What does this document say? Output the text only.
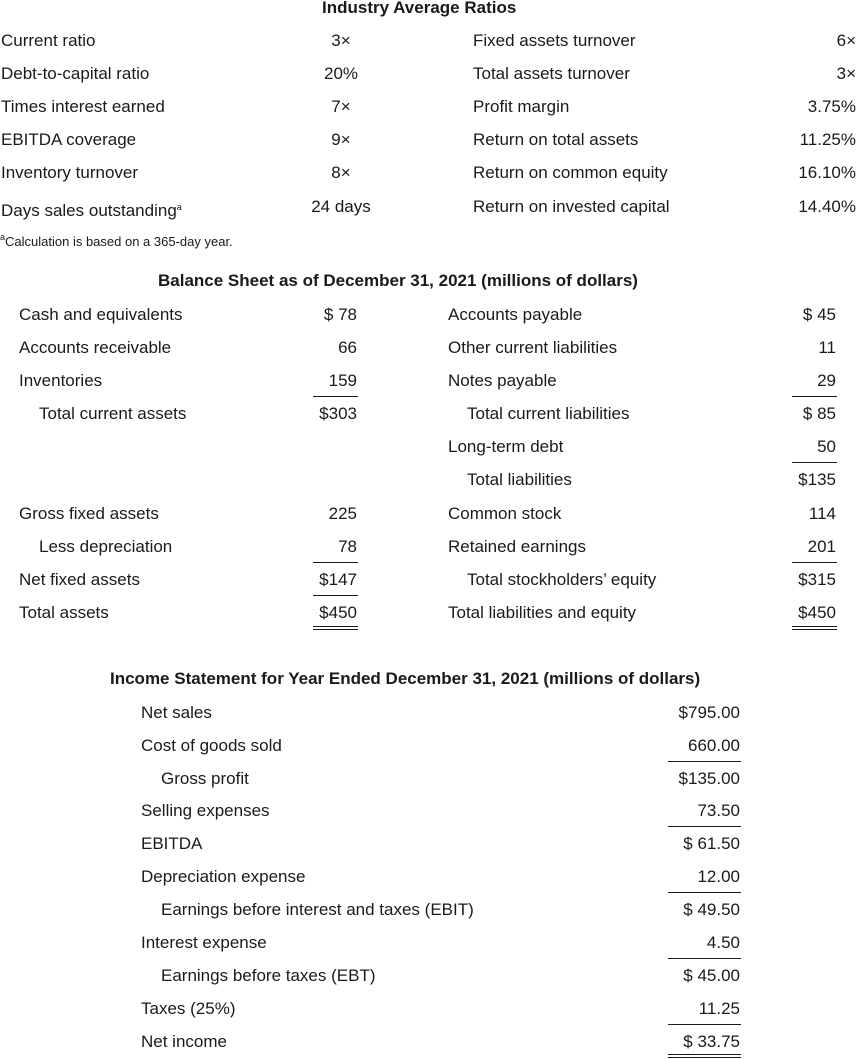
Industry Average Ratios
Current ratio
Debt-to-capital ratio
Times interest earned
EBITDA coverage
Inventory turnover
Days sales outstanding$^a$
3×
20%
7×
9×
8×
24 days
Fixed assets turnover
Total assets turnover
Profit margin
Return on total assets
Return on common equity
Return on invested capital
6×
3×
3.75%
11.25%
16.10%
14.40%
$^a$Calculation is based on a 365-day year.
Balance Sheet as of December 31, 2021 (millions of dollars)
Cash and equivalents
Accounts receivable
Inventories
Total current assets
Gross fixed assets
Less depreciation
Net fixed assets
Total assets
$ 78
66
159
$303
225
78
$147
$450
Accounts payable
Other current liabilities
Notes payable
Total current liabilities
Long-term debt
Total liabilities
Common stock
Retained earnings
Total stockholders’ equity
Total liabilities and equity
$ 45
11
29
$ 85
50
$135
114
201
$315
$450
Income Statement for Year Ended December 31, 2021 (millions of dollars)
Net sales
Cost of goods sold
Gross profit
Selling expenses
EBITDA
Depreciation expense
Earnings before interest and taxes (EBIT)
Interest expense
Earnings before taxes (EBT)
Taxes (25%)
Net income
$795.00
660.00
$135.00
73.50
$ 61.50
12.00
$ 49.50
4.50
$ 45.00
11.25
$ 33.75
